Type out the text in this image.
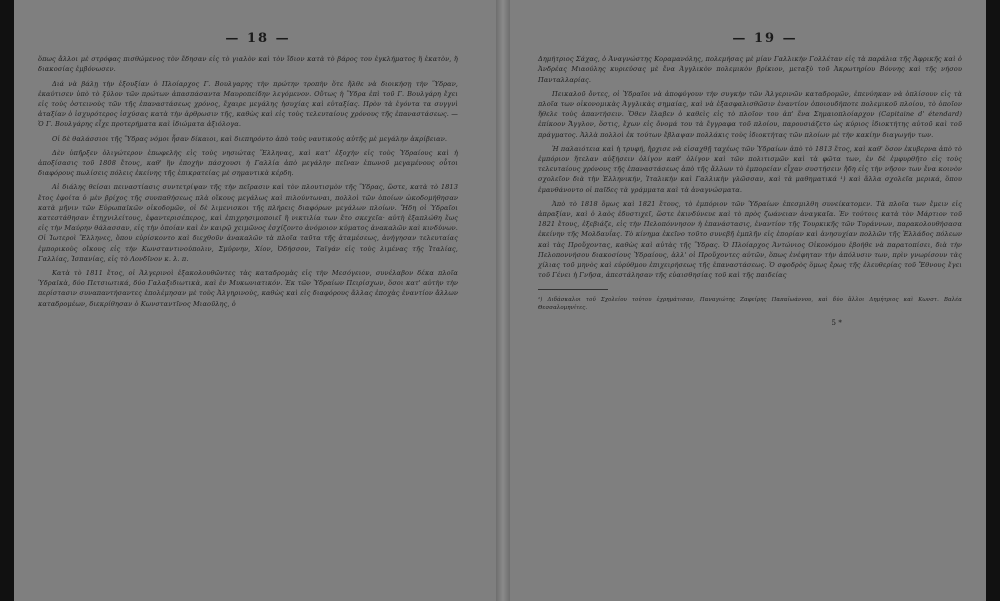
— 18 —

ὅπως ἄλλοι μὲ στρόφας πισθώμενος τὸν ἔδησαν εἰς τὸ γιαλὸν καὶ τὸν ἴδιον κατὰ τὸ βάρος του ἐγκλήματος ἢ ἑκατὸν, ἢ διακοσίας ἐμβόνωσεν.

Διά νὰ βάλῃ τὴν ἐξουξίαν ὁ Πλοίαρχος Γ. Βουλγαρης τὴν πρώτην τροπὴν ὅτε ἤλθε νὰ διοικήσῃ τὴν Ὕδραν, ἐκαύτισεν ὑπὸ τὸ ξύλον τῶν πρώτων ἀπασπάσαντα Μαυροπείδην λεγόμενον. Οὕτως ἡ Ὕδρα ἐπὶ τοῦ Γ. Βουλγάρη ἔχει εἰς τοὺς ὀστεινοὺς τῶν τῆς ἐπαναστάσεως χρόνος, ἔχαιρε μεγάλης ἡσυχίας καὶ εὐταξίας. Πρὸν τὰ ἐγόντα τα συγγνὶ ἀταξίαν ὁ ἰσχυρότερος ἰσχύσας κατὰ τὴν ἀρθρωσιν τῆς, καθὼς καὶ εἰς τοὺς τελευταίους χρόνους τῆς ἐπαναστάσεως. — Ὁ Γ. Βουλγάρης εἶχε προτερήματα καὶ ἰδιώματα ἀξιόλογα.

Οἱ δὲ θαλάσσιοι τῆς Ὕδρας νόμοι ἦσαν δίκαιοι, καὶ διεπηρόντο ἀπὸ τοὺς ναυτικοὺς αὐτῆς μὲ μεγάλην ἀκρίβειαν.

Δὲν ὑπῆρξεν ὀλιγώτερον ἐπωφελὴς εἰς τοὺς νησιώτας Ἕλληνας, καὶ κατ' ἐξοχὴν εἰς τοὺς Ὑδραίους καὶ ἡ ἀποξίσασις τοῦ 1808 ἔτους, καθ' ἣν ἐποχὴν πάσχουσι ἡ Γαλλία ἀπὸ μεγάλην πεῖναν ἐπωνοῦ μεγαμένους οὗτοι διαφόρους πωλίσεις πόλεις ἐκείνης τῆς ἐπικρατείας μὲ σημαντικὰ κέρδη.

Αἱ διάλης θείσαι πειναστίασις συντετρίψαν τῆς τὴν πεῖρασιν καὶ τὸν πλουτισμὸν τῆς Ὕδρας, ὥστε, κατὰ τὸ 1813 ἔτος ἐφοίτα ὁ μὲν βρίχος τῆς συνπαθήσεως πλὰ οἴκους μεγάλως καὶ πιλούντωναι, πολλοὶ τῶν ὁποίων ὠκοδομήθησαν κατὰ μῆνιν τῶν Εὐρωπαϊκῶν οἰκοδομῶν, οἱ δὲ λιμενισκοι τῆς πλήρεις διαφόρων μεγάλων πλοίων. Ἤδη οἱ Ὑδραῖοι κατεστάθησαν ἐτηχνιλείτους, ἐφαντερισέπερος, καὶ ἐπιχρησιμοποιεῖ ἢ νικτιλία των ἔτο σκεχεῖα· αὐτὴ ἐξαπλώθη ἔως εἰς τὴν Μαύρην θάλασσαν, εἰς τὴν ὁποίαν καὶ ἐν καιρῷ χειμῶνος ἐσχίζοντο ἀνόμοιον κύματος ἀνακαλῶν καὶ κινδύνων. Οἱ Ἰωτεροὶ Ἕλληνες, ὅπου εὑρίσκοντο καὶ διεχθοῦν ἀνακαλῶν τὰ πλοῖα ταῦτα τῆς ἀταμέσεως, ἀνήγησαν τελευταίας ἐμπορικοὺς οἴκους εἰς τὴν Κωνσταντινούπολιν, Σμύρνην, Χίον, Ὀδήσσον, Ταϊγάν εἰς τοὺς λιμένας τῆς Ἰταλίας, Γαλλίας, Ἱσπανίας, εἰς τὸ Λονδῖνον κ. λ. π.

Κατὰ τὸ 1811 ἔτος, οἱ Ἀλγερινοὶ ἐξακολουθῶντες τὰς καταδρομὰς εἰς τὴν Μεσόγειον, συνέλαβον δέκα πλοῖα Ὑδραϊκὰ, δύο Πετσιωτικά, δύο Γαλαξιδιωτικὰ, καὶ ἐν Μυκωνιατικόν. Ἐκ τῶν Ὑδραίων Πειρίσχων, ὅσοι κατ' αὐτὴν τὴν περίστασιν συναπαντήσαντες ἐπολέμησαν μὲ τοὺς Ἀλγηρινοὺς, καθὼς καὶ εἰς διαφόρους ἄλλας ἐποχὰς ἐναντίον ἄλλων καταδρομέων, διεκρίθησαν ὁ Κωνσταντῖνος Μιαοῦλης, ὁ

— 19 —

Δημήτριος Σάχας, ὁ Ἀναγνώστης Κοραμανόλης, πολεμήσας μὲ μίαν Γαλλικὴν Γολλέταν εἰς τὰ παράλια τῆς Ἀφρικῆς καὶ ὁ Ἀνδρέας Μιαούλης κυριεύσας μὲ ἕνα Ἀγγλικὸν πολεμικὸν βρίκιον, μεταξὺ τοῦ Ἀκρωτηρίου Βόννης καὶ τῆς νήσου Πανταλλαρίας.

Πεικαλοῦ ὄντες, οἱ Ὑδραῖοι νὰ ἀποφύγουν τὴν συγκὴν τῶν Ἀλγερινῶν καταδρομῶν, ἐπενύηκαν νὰ ὁπλίσουν εἰς τὰ πλοῖα των οἰκονομικὰς Ἀγγλικὰς σημαίας, καὶ νὰ ἐξασφαλισθῶσιν ἐναντίον ὁποιουδήποτε πολεμικοῦ πλοίου, τὸ ὁποῖον ἤθελε τοὺς ἀπαντήσειν. Ὅθεν ἔλαβεν ὁ καθεὶς εἰς τὸ πλοῖον του ἀπ' ἕνα Σημαιοπλοίαρχον (Capitaine d' étendard) ἐπίκοον Ἄγγλον, ὅστις, ἔχων εἰς ὄνομά του τὰ ἔγγραφα τοῦ πλοίου, παρουσιάζετο ὡς κύριος ἰδιοκτήτης αὐτοῦ καὶ τοῦ πράγματος. Ἀλλὰ πολλοὶ ἐκ τούτων ἔβλαψαν πολλάκις τοὺς ἰδιοκτήτας τῶν πλοίων μὲ τὴν κακίην διαγωγήν των.

Ἡ παλαιότεια καὶ ἡ τρυφή, ἤρχισε νὰ εἰσαχθῇ ταχέως τῶν Ὑδραίων ἀπὸ τὸ 1813 ἔτος, καὶ καθ' ὅσον ἐκυβερνα ἀπὸ τὸ ἐμπόριον ἤτελαν αὐξήσειν ὀλίγον καθ' ὀλίγον καὶ τῶν πολιτισμῶν καὶ τὰ φῶτα των, ἐν δὲ ἐμφυρθῆτο εἰς τοὺς τελευταίους χρόνους τῆς ἐπαναστάσεως ἀπὸ τῆς ἄλλων τὸ ἐμπορείαν εἶχαν συστήσειν ἤδη εἰς τὴν νῆσον των ἕνα κοινὸν σχολεῖον διὰ τὴν Ἑλληνικήν, Ἰταλικὴν καὶ Γαλλικὴν γλῶσσαν, καὶ τὰ μαθηματικά ¹) καὶ ἄλλα σχολεῖα μερικά, ὅπου ἐμανθάνοντο οἱ παῖδες τὰ γράμματα καὶ τὰ ἀναγνώσματα.

Ἀπὸ τὸ 1818 ὅμως καὶ 1821 ἔτους, τὸ ἐμπόριον τῶν Ὑδραίων ἐπεσμιλθη συνείκατομεν. Τὰ πλοῖα των ἔμειν εἰς ἀπραξίαν, καὶ ὁ λαὸς ἐδυστιχεῖ, ὥστε ἐκινδύνευε καὶ τὸ πρὸς ζωάνειαν ἀναγκαῖα. Ἐν τούτοις κατὰ τὸν Μάρτιον τοῦ 1821 ἔτους, ἐξεβιάζε, εἰς τὴν Πελοπόννησον ἡ ἐπανάστασις, ἐναντίον τῆς Τουρκικῆς τῶν Τυράννων, παρακολουθήσασα ἐκείνην τῆς Μολδαυΐας. Τὸ κίνημα ἐκεῖνο τοῦτο συνεβῆ ἐμπλῆν εἰς ἐπορίαν καὶ ἀνησυχίαν πολλῶν τῆς Ἑλλάδος πόλεων καὶ τὰς Προὔχοντας, καθὼς καὶ αὐτὰς τῆς Ὕδρας. Ὁ Πλοίαρχος Ἀντώνιος Οἰκονόμου ἐβοήθε νὰ παρατοπίσει, διὰ τὴν Πελοποννήσου διακοσίους Ὑδραίους, ἀλλ' οἱ Προὔχοντες αὐτῶν, ὅπως ἐνέφηταν τὴν ἀπόλυσιν των, πρὶν γνωρίσουν τὰς χίλιας τοῦ μηνὸς καὶ εὐρύθμου ἐπιχειρήσεως τῆς ἐπαναστάσεως. Ὁ σφοδρὸς ὅμως ἔρως τῆς ἐλευθερίας τοῦ Ἔθνους ἔγει τοῦ Γένει ἡ Γνῆσα, ἀπεστάλησαν τῆς εὐαισθησίας τοῦ καὶ τῆς παιδείας

¹) Διδάσκαλοι τοῦ Σχολείου τούτου ἐχρημάτισαν, Παναγιώτης Ζαφείρης Παπαϊωάννου, καὶ δύο ἄλλοι Δημήτριος καὶ Κωνστ. Βαλέα Θεσσαλομηνίτες.

5 *
